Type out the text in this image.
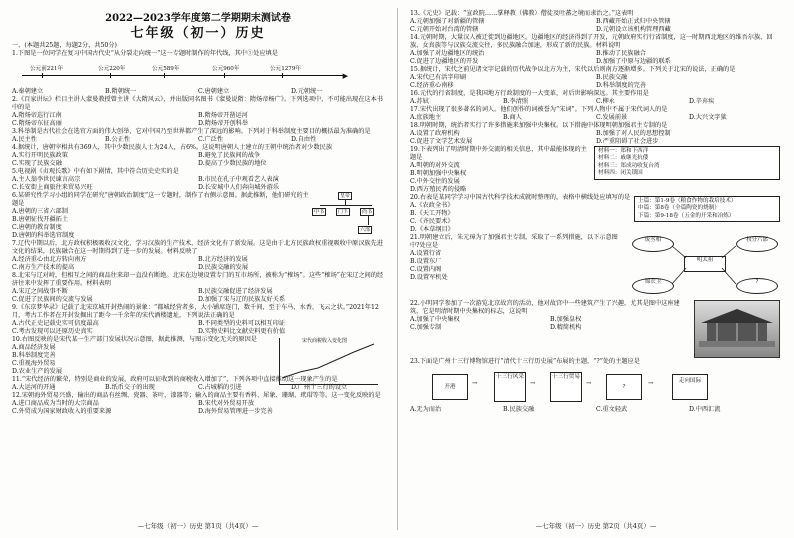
2022—2023学年度第二学期期末测试卷
七年级（初一）历史
一、(本题共25题，每题2分，共50分)

1.下图是一位同学在复习中国古代史“从分裂走向统一”这一专题时制作的年代线，其中①处应填是

▶
公元前221年	公元220年	公元589年	公元960年	公元1279年
A.秦朝建立	B.隋朝统一	C.唐朝建立	D.元朝统一

2.《百家讲坛》栏目主讲人蒙曼教授曾主讲《大隋风云》，并出版同名图书《蒙曼说隋：隋炀帝杨广》。下列选项中，不可能出现在这本书中的是

A.隋炀帝巡行江南	B.隋炀帝开凿运河
C.隋炀帝东征高丽	D.隋炀帝开创科举

3.科举制是古代社会在选官方面的伟大创举，它对中国乃至世界都产生了深远的影响。下列对于科举制度主要目的概括最为准确的是

A.民主性	B.公正性	C.广泛性	D.自由性

4.据统计，唐朝宰相共有369人，其中少数民族人士为24人，占6%。这说明唐朝人士建立的王朝中统治者对少数民族

A.实行开明民族政策	B.避免了民族间的战争
C.实现了民族交融	D.提高了少数民族的地位

5.电视剧《贞观长歌》中有如下剧情，其中符合历史史实的是

A.主人翁李世民谏言高宗	B.市民在孔子中观看艺人表演
C.长安街上商旅往来贸易兴旺	D.长安城中人们奔向城外游乐

6.某研究性学习小组的同学在研究“唐朝政治制度”这一专题时，制作了右侧示意图。据此推断，他们研究的主题是

A.唐朝的三省六部制
B.唐朝征伐开疆拓土
C.唐朝的教育制度
D.唐朝的科举选官制度
皇帝
中书	门下	尚书
六部

7.辽代中期以后，北方政权积极吸收汉文化，学习汉族的生产技术，经济文化有了新发展。这是由于北方民族政权重视吸收中原汉族先进文化的结果，民族融合在这一时期得到了进一步的发展。材料反映了

A.经济重心由北方转向南方	B.北方经济的发展
C.南方生产技术的提高	D.民族交融的发展

8.北宋与辽对峙，但相互之间的商品往来却一直没有断绝。北宋在边境设置专门的互市场所，被称为“榷场”。这些“榷场”在宋辽之间的经济往来中发挥了重要作用。材料表明

A.宋辽之间战事不断	B.民族交融促进了经济发展
C.促进了民族间的交流与发展	D.加强了宋与辽的民族友好关系

9.《东京梦华录》记载了北宋京城开封热闹的景象：“都城经营者多，大小铺席连门，数千间，至于车马，水香、飞云之状。”2021年12月，考古工作者在开封发掘出了距今一千余年的宋代酒楼遗址，下列说法正确的是

A.古代正史记载史实可信度最高	B.不同类型的史料可以相互印证
C.考古发现可以还原历史真实	D.实物史料比文献史料更有价值

10.右图反映的是宋代某一生产部门发展状况示意图，据此推测，与图示变化无关的原因是

A.商品经济发展
B.科举制度完善
C.重视海外贸易
D.农业生产的发展
宋代商税收入变化图

11.“宋代经济的繁荣，特别是商业的发展，政府可以征收到的商税收入增加了”，下列各项中直接推动这一现象产生的是

A.大运河的开通	B.纸币交子的出现	C.占城稻的引进	D.广州十三行的设立

12.宋朝海外贸易兴盛，输出的商品有丝绸、瓷器、茶叶、漆器等；输入的商品主要有香料、犀象、珊瑚、玳瑁等等。这一变化反映的是

A.进口商品成为当时的大宗商品	B.宋代对外贸易开放
C.外贸成为国家财政收入的重要来源	D.海外贸易管理进一步完善
—七年级（初一）历史 第1页（共4页）—

13.《元史》记载：“宣政院……掌释教（佛教）僧徒及吐蕃之境而隶治之。”这表明

A.元朝加强了对新疆的管辖	B.西藏开始正式归中央管辖
C.元朝开始对台湾的管辖	D.元朝设立该机构管理西藏

14.元朝时期，大量汉人被迁徙到边疆地区，边疆地区的经济得到了开发，元朝政府实行行省制度，这一时期西北地区的维吾尔族、回族、女真族等与汉族交流交往，多民族融合加速，形成了新的民族。材料说明

A.加强了对边疆地区的统治	B.推动了民族融合
C.促进了边疆地区的开发	D.加强了中原与边疆的联系

15.据统计，宋代之前见诸文字记载的历代战争以北方为主，宋代以后则南方逐渐增多。下列关于北宋的说法，正确的是

A.宋代已有活字印刷	B.民族交融
C.经济重心南移	D.科举制度的完善

16.元代的行省制度，是我国地方行政制度的一大变革，对后世影响深远。其主要作用是

A.苏轼	B.李清照	C.柳永	D.辛弃疾

17.宋代出现了很多著名的词人。他们创作的词被誉为“宋词”。下列人物中不属于宋代词人的是

A.庶族地主	B.商人	C.发展前景	D.大兴文字狱

18.明朝时期，统治者实行了许多措施来加强中央集权。以下措施中体现明朝加强君主专制的是

A.设置了政府机构	B.加强了对人民的思想控制
C.促进了文学艺术发展	D.严重阻碍了社会进步

19.下表列出了明清时期中外交流的相关信息，其中最能体现的主题是

A.明朝的对外交流
B.明朝加强中央集权
C.中外交往的发展
D.西方殖民者的侵略
材料一：郑和下西洋
材料二：戚继光抗倭
材料三：郑成功收复台湾
材料四：闭关锁国

20.右表是某同学学习中国古代科学技术成就时整理的，表格中横线处应填写的是

A.《农政全书》
B.《天工开物》
C.《齐民要术》
D.《本草纲目》
上篇：第1-9卷（粮食作物的栽培技术）
中篇：第8卷（全篇陶瓷的烧制）
下篇：第9-18卷（五金的开采和冶炼）

21.明朝建立后，朱元璋为了加强君主专制，采取了一系列措施，以下示意图中?处应是

A.设置行省
B.设置东厂
C.设置内阁
D.设置军机处
明太祖
废丞相	权分六部
锦衣卫	?

22.小明同学参加了一次游览北京故宫的活动，他对故宫中一些建筑产生了兴趣，尤其是图中这座建筑，它是明清时期中央集权的标志，这说明

A.加强了中央集权	B.加强皇权
C.加强专制	D.精简机构

23.下面是广州十三行博物馆进行“清代十三行历史展”布展的主题，“?”处的主题应是

开港
十三行风采	十三行贸易
?
走向国际
→	→	→	→
A.无为而治	B.民族交融	C.重文轻武	D.中西汇流
—七年级（初一）历史 第2页（共4页）—
